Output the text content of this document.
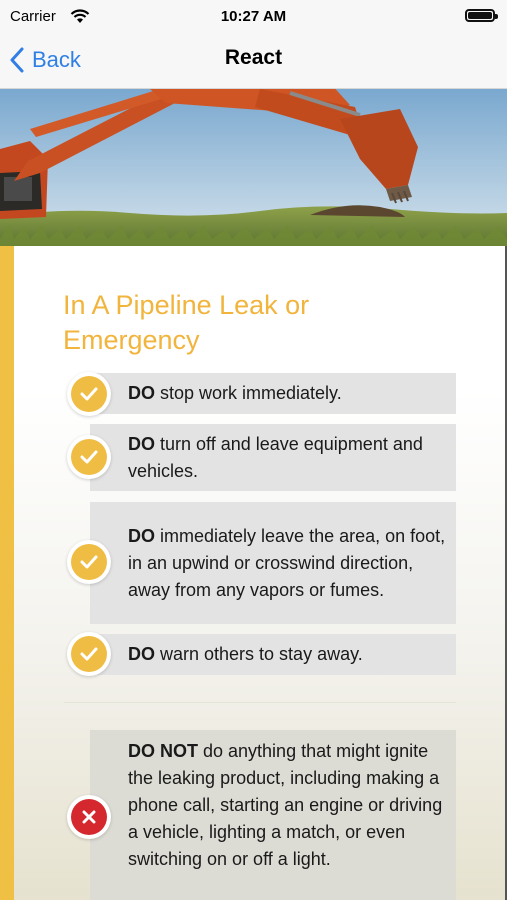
Carrier	10:27 AM
Back	React
In A Pipeline Leak or Emergency
DO stop work immediately.
DO turn off and leave equipment and vehicles.
DO immediately leave the area, on foot, in an upwind or crosswind direction, away from any vapors or fumes.
DO warn others to stay away.
DO NOT do anything that might ignite the leaking product, including making a phone call, starting an engine or driving a vehicle, lighting a match, or even switching on or off a light.
